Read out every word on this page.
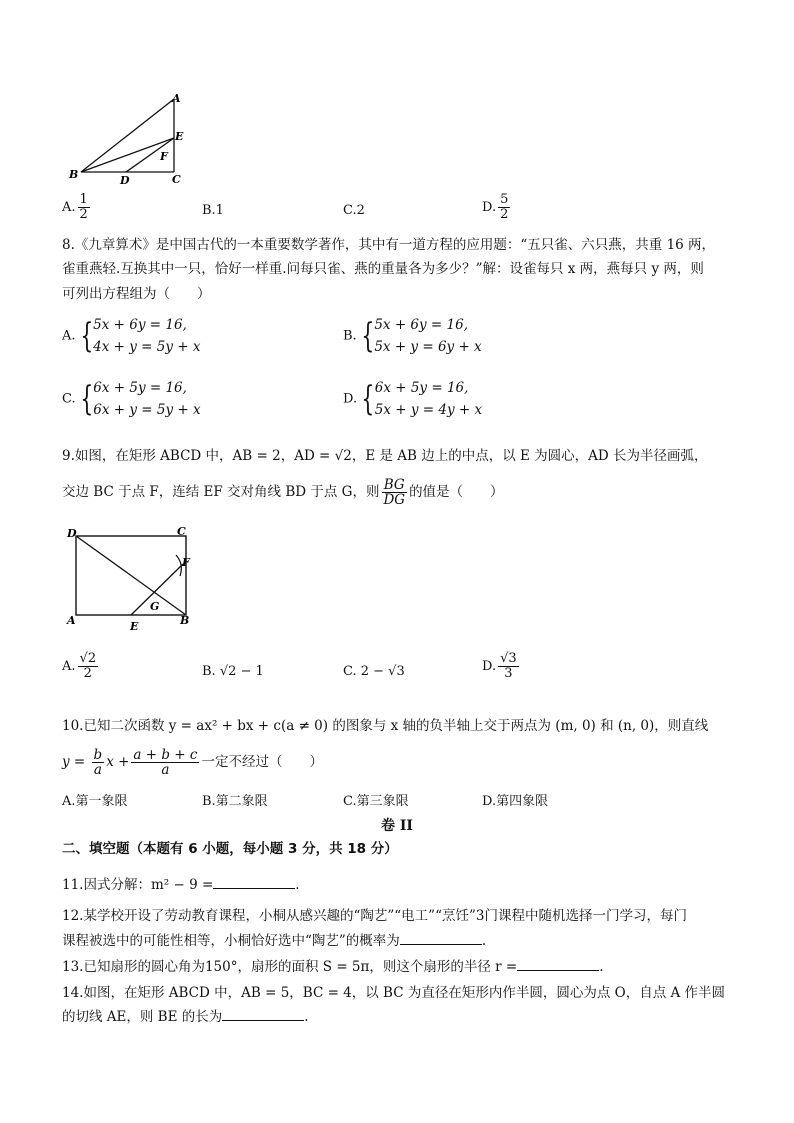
A
E
F
B	D	C
A. $\frac{1}{2}$	B.1	C.2	D. $\frac{5}{2}$
8.《九章算术》是中国古代的一本重要数学著作，其中有一道方程的应用题：“五只雀、六只燕，共重 16 两，
雀重燕轻.互换其中一只，恰好一样重.问每只雀、燕的重量各为多少？”解：设雀每只 x 两，燕每只 y 两，则
可列出方程组为（　　）
A. { 5x + 6y = 16,
4x + y = 5y + x
B. { 5x + 6y = 16,
5x + y = 6y + x
C. { 6x + 5y = 16,
6x + y = 5y + x
D. { 6x + 5y = 16,
5x + y = 4y + x
9.如图，在矩形 ABCD 中，AB = 2，AD = √2，E 是 AB 边上的中点，以 E 为圆心，AD 长为半径画弧，
交边 BC 于点 F，连结 EF 交对角线 BD 于点 G，则 $\frac{BG}{DG}$ 的值是（　　）
D	C
F
G
A	E	B
A. $\frac{√2}{2}$	B. √2 − 1	C. 2 − √3	D. $\frac{√3}{3}$
10.已知二次函数 y = ax² + bx + c(a ≠ 0) 的图象与 x 轴的负半轴上交于两点为 (m, 0) 和 (n, 0)，则直线
$y = \frac{b}{a}$ $x + \frac{a + b + c}{a}$ 一定不经过（　　）
A.第一象限	B.第二象限	C.第三象限	D.第四象限
卷 II
二、填空题（本题有 6 小题，每小题 3 分，共 18 分）
11.因式分解：m² − 9 =	.
12.某学校开设了劳动教育课程，小桐从感兴趣的“陶艺”“电工”“烹饪”3门课程中随机选择一门学习，每门
课程被选中的可能性相等，小桐恰好选中“陶艺”的概率为	.
13.已知扇形的圆心角为150°，扇形的面积 S = 5π，则这个扇形的半径 r =	.
14.如图，在矩形 ABCD 中，AB = 5，BC = 4，以 BC 为直径在矩形内作半圆，圆心为点 O，自点 A 作半圆
的切线 AE，则 BE 的长为	.
